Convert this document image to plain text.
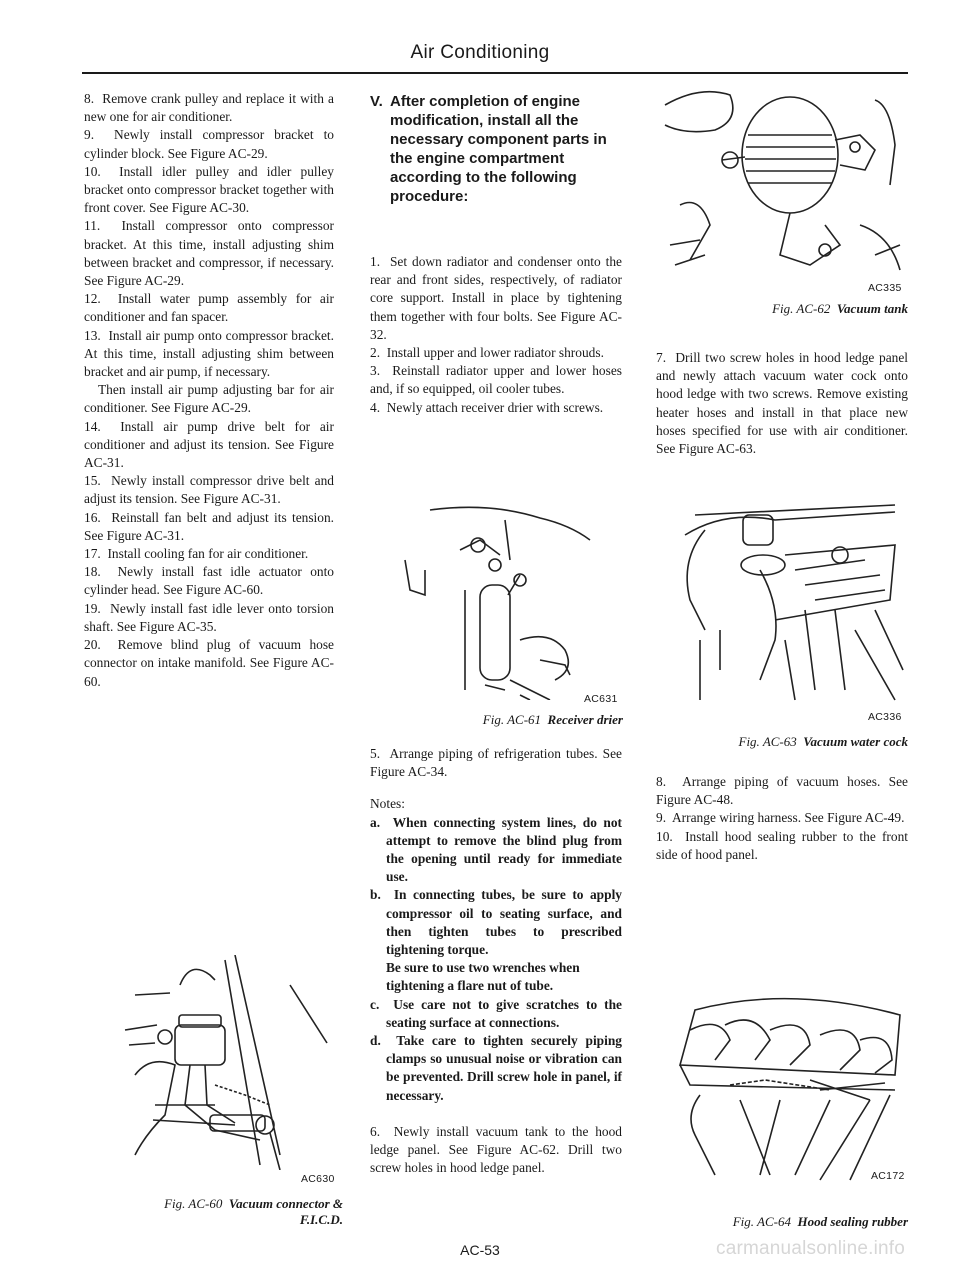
Air Conditioning

8. Remove crank pulley and replace it with a new one for air conditioner.

9. Newly install compressor bracket to cylinder block. See Figure AC-29.

10. Install idler pulley and idler pulley bracket onto compressor bracket together with front cover. See Figure AC-30.

11. Install compressor onto compressor bracket. At this time, install adjusting shim between bracket and compressor, if necessary. See Figure AC-29.

12. Install water pump assembly for air conditioner and fan spacer.

13. Install air pump onto compressor bracket. At this time, install adjusting shim between bracket and air pump, if necessary.

Then install air pump adjusting bar for air conditioner. See Figure AC-29.

14. Install air pump drive belt for air conditioner and adjust its tension. See Figure AC-31.

15. Newly install compressor drive belt and adjust its tension. See Figure AC-31.

16. Reinstall fan belt and adjust its tension. See Figure AC-31.

17. Install cooling fan for air conditioner.

18. Newly install fast idle actuator onto cylinder head. See Figure AC-60.

19. Newly install fast idle lever onto torsion shaft. See Figure AC-35.

20. Remove blind plug of vacuum hose connector on intake manifold. See Figure AC-60.

AC630
Fig. AC-60 Vacuum connector &
F.I.C.D.
V. After completion of engine modification, install all the necessary component parts in the engine compartment according to the following procedure:

1. Set down radiator and condenser onto the rear and front sides, respectively, of radiator core support. Install in place by tightening them together with four bolts. See Figure AC-32.

2. Install upper and lower radiator shrouds.

3. Reinstall radiator upper and lower hoses and, if so equipped, oil cooler tubes.

4. Newly attach receiver drier with screws.

AC631
Fig. AC-61 Receiver drier

5. Arrange piping of refrigeration tubes. See Figure AC-34.

Notes:

a. When connecting system lines, do not attempt to remove the blind plug from the opening until ready for immediate use.

b. In connecting tubes, be sure to apply compressor oil to seating surface, and then tighten tubes to prescribed tightening torque.

Be sure to use two wrenches when tightening a flare nut of tube.

c. Use care not to give scratches to the seating surface at connections.

d. Take care to tighten securely piping clamps so unusual noise or vibration can be prevented. Drill screw hole in panel, if necessary.

6. Newly install vacuum tank to the hood ledge panel. See Figure AC-62. Drill two screw holes in hood ledge panel.

AC335
Fig. AC-62 Vacuum tank

7. Drill two screw holes in hood ledge panel and newly attach vacuum water cock onto hood ledge with two screws. Remove existing heater hoses and install in that place new hoses specified for use with air conditioner. See Figure AC-63.

AC336
Fig. AC-63 Vacuum water cock

8. Arrange piping of vacuum hoses. See Figure AC-48.

9. Arrange wiring harness. See Figure AC-49.

10. Install hood sealing rubber to the front side of hood panel.

AC172
Fig. AC-64 Hood sealing rubber
AC-53	carmanualsonline.info
